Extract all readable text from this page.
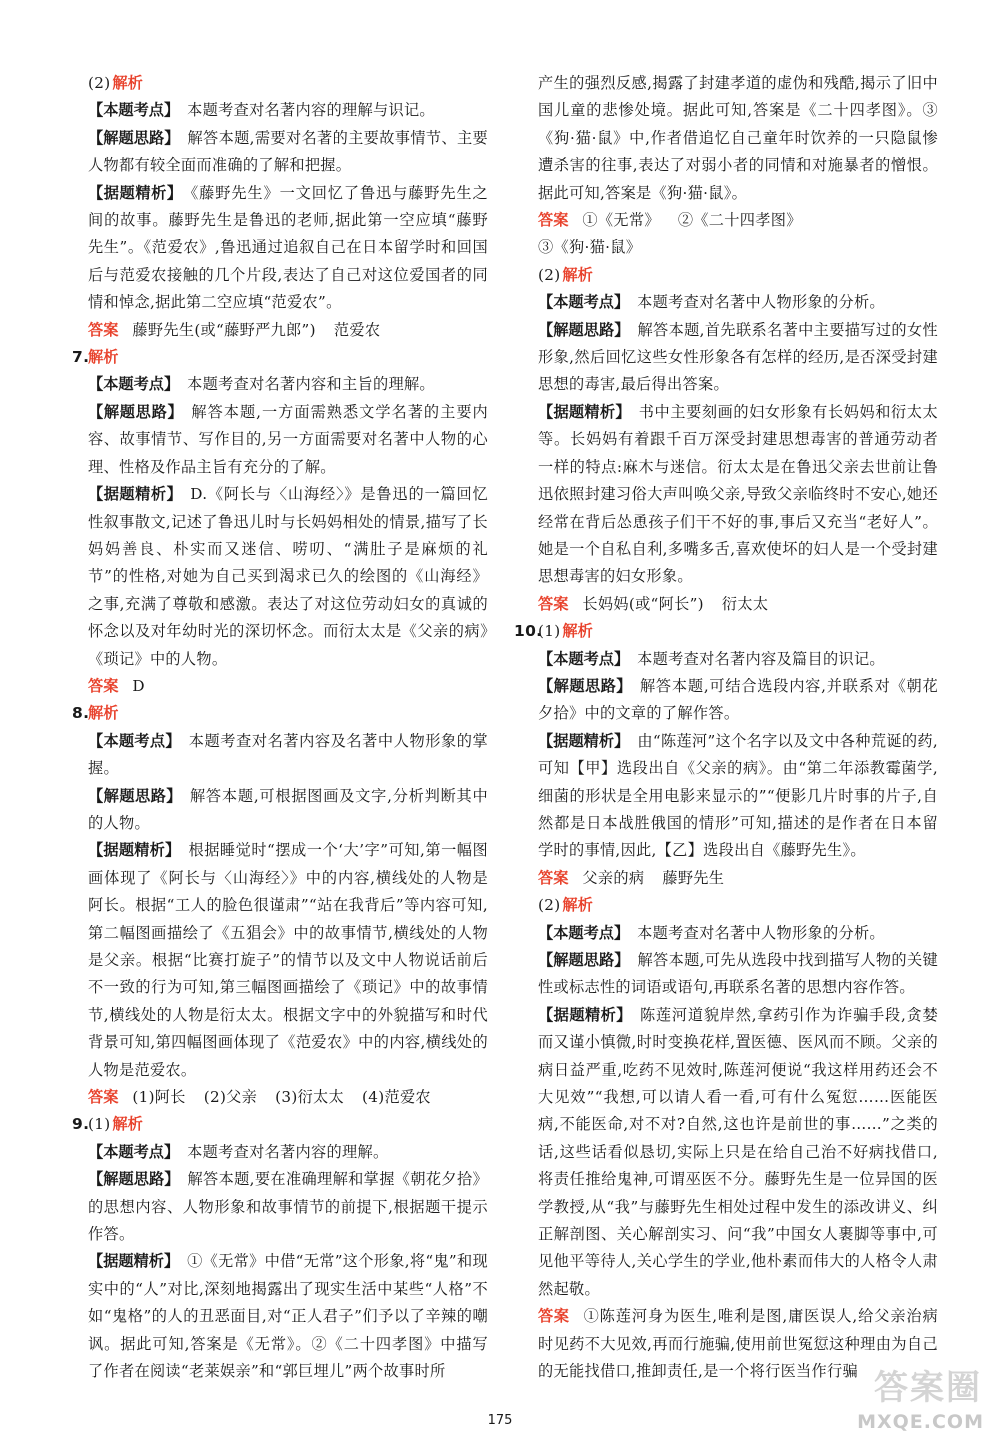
(2) 解析
【本题考点】 本题考查对名著内容的理解与识记。
【解题思路】 解答本题,需要对名著的主要故事情节、主要人物都有较全面而准确的了解和把握。
【据题精析】 《藤野先生》一文回忆了鲁迅与藤野先生之间的故事。藤野先生是鲁迅的老师,据此第一空应填“藤野先生”。《范爱农》,鲁迅通过追叙自己在日本留学时和回国后与范爱农接触的几个片段,表达了自己对这位爱国者的同情和悼念,据此第二空应填“范爱农”。
答案 藤野先生(或“藤野严九郎”) 范爱农
7.解析
【本题考点】 本题考查对名著内容和主旨的理解。
【解题思路】 解答本题,一方面需熟悉文学名著的主要内容、故事情节、写作目的,另一方面需要对名著中人物的心理、性格及作品主旨有充分的了解。
【据题精析】 D.《阿长与〈山海经〉》是鲁迅的一篇回忆性叙事散文,记述了鲁迅儿时与长妈妈相处的情景,描写了长妈妈善良、朴实而又迷信、唠叨、“满肚子是麻烦的礼节”的性格,对她为自己买到渴求已久的绘图的《山海经》之事,充满了尊敬和感激。表达了对这位劳动妇女的真诚的怀念以及对年幼时光的深切怀念。而衍太太是《父亲的病》《琐记》中的人物。
答案 D
8.解析
【本题考点】 本题考查对名著内容及名著中人物形象的掌握。
【解题思路】 解答本题,可根据图画及文字,分析判断其中的人物。
【据题精析】 根据睡觉时“摆成一个‘大’字”可知,第一幅图画体现了《阿长与〈山海经〉》中的内容,横线处的人物是阿长。根据“工人的脸色很谨肃”“站在我背后”等内容可知,第二幅图画描绘了《五猖会》中的故事情节,横线处的人物是父亲。根据“比赛打旋子”的情节以及文中人物说话前后不一致的行为可知,第三幅图画描绘了《琐记》中的故事情节,横线处的人物是衍太太。根据文字中的外貌描写和时代背景可知,第四幅图画体现了《范爱农》中的内容,横线处的人物是范爱农。
答案 (1)阿长 (2)父亲 (3)衍太太 (4)范爱农
9.(1) 解析
【本题考点】 本题考查对名著内容的理解。
【解题思路】 解答本题,要在准确理解和掌握《朝花夕拾》的思想内容、人物形象和故事情节的前提下,根据题干提示作答。
【据题精析】 ①《无常》中借“无常”这个形象,将“鬼”和现实中的“人”对比,深刻地揭露出了现实生活中某些“人格”不如“鬼格”的人的丑恶面目,对“正人君子”们予以了辛辣的嘲讽。据此可知,答案是《无常》。②《二十四孝图》中描写了作者在阅读“老莱娱亲”和“郭巨埋儿”两个故事时所
产生的强烈反感,揭露了封建孝道的虚伪和残酷,揭示了旧中国儿童的悲惨处境。据此可知,答案是《二十四孝图》。③《狗·猫·鼠》中,作者借追忆自己童年时饮养的一只隐鼠惨遭杀害的往事,表达了对弱小者的同情和对施暴者的憎恨。据此可知,答案是《狗·猫·鼠》。
答案 ①《无常》 ②《二十四孝图》③《狗·猫·鼠》
(2) 解析
【本题考点】 本题考查对名著中人物形象的分析。
【解题思路】 解答本题,首先联系名著中主要描写过的女性形象,然后回忆这些女性形象各有怎样的经历,是否深受封建思想的毒害,最后得出答案。
【据题精析】 书中主要刻画的妇女形象有长妈妈和衍太太等。长妈妈有着跟千百万深受封建思想毒害的普通劳动者一样的特点:麻木与迷信。衍太太是在鲁迅父亲去世前让鲁迅依照封建习俗大声叫唤父亲,导致父亲临终时不安心,她还经常在背后怂恿孩子们干不好的事,事后又充当“老好人”。她是一个自私自利,多嘴多舌,喜欢使坏的妇人是一个受封建思想毒害的妇女形象。
答案 长妈妈(或“阿长”) 衍太太
10.(1) 解析
【本题考点】 本题考查对名著内容及篇目的识记。
【解题思路】 解答本题,可结合选段内容,并联系对《朝花夕拾》中的文章的了解作答。
【据题精析】 由“陈莲河”这个名字以及文中各种荒诞的药,可知【甲】选段出自《父亲的病》。由“第二年添教霉菌学,细菌的形状是全用电影来显示的”“便影几片时事的片子,自然都是日本战胜俄国的情形”可知,描述的是作者在日本留学时的事情,因此,【乙】选段出自《藤野先生》。
答案 父亲的病 藤野先生
(2) 解析
【本题考点】 本题考查对名著中人物形象的分析。
【解题思路】 解答本题,可先从选段中找到描写人物的关键性或标志性的词语或语句,再联系名著的思想内容作答。
【据题精析】 陈莲河道貌岸然,拿药引作为诈骗手段,贪婪而又谨小慎微,时时变换花样,置医德、医风而不顾。父亲的病日益严重,吃药不见效时,陈莲河便说“我这样用药还会不大见效”“我想,可以请人看一看,可有什么冤愆……医能医病,不能医命,对不对?自然,这也许是前世的事……”之类的话,这些话看似恳切,实际上只是在给自己治不好病找借口,将责任推给鬼神,可谓巫医不分。藤野先生是一位异国的医学教授,从“我”与藤野先生相处过程中发生的添改讲义、纠正解剖图、关心解剖实习、问“我”中国女人裹脚等事中,可见他平等待人,关心学生的学业,他朴素而伟大的人格令人肃然起敬。
答案 ①陈莲河身为医生,唯利是图,庸医误人,给父亲治病时见药不大见效,再而行施骗,使用前世冤愆这种理由为自己的无能找借口,推卸责任,是一个将行医当作行骗
175
答案圈
MXQE.COM
